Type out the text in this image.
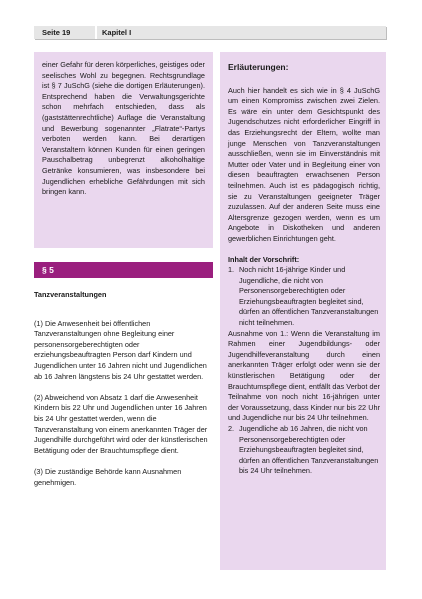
Seite 19	Kapitel I

einer Gefahr für deren körperliches, geistiges oder seelisches Wohl zu begegnen. Rechtsgrundlage ist § 7 JuSchG (siehe die dortigen Erläuterungen). Entsprechend haben die Verwaltungsgerichte schon mehrfach entschieden, dass als (gaststättenrechtliche) Auflage die Veranstaltung und Bewerbung sogenannter „Flatrate“-Partys verboten werden kann. Bei derartigen Veranstaltern können Kunden für einen geringen Pauschalbetrag unbegrenzt alkoholhaltige Getränke konsumieren, was insbesondere bei Jugendlichen erhebliche Gefährdungen mit sich bringen kann.

§ 5

Tanzveranstaltungen

(1) Die Anwesenheit bei öffentlichen Tanzveranstaltungen ohne Begleitung einer personensorgeberechtigten oder erziehungsbeauftragten Person darf Kindern und Jugendlichen unter 16 Jahren nicht und Jugendlichen ab 16 Jahren längstens bis 24 Uhr gestattet werden.

(2) Abweichend von Absatz 1 darf die Anwesenheit Kindern bis 22 Uhr und Jugendlichen unter 16 Jahren bis 24 Uhr gestattet werden, wenn die Tanzveranstaltung von einem anerkannten Träger der Jugendhilfe durchgeführt wird oder der künstlerischen Betätigung oder der Brauchtumspflege dient.

(3) Die zuständige Behörde kann Ausnahmen genehmigen.

Erläuterungen:

Auch hier handelt es sich wie in § 4 JuSchG um einen Kompromiss zwischen zwei Zielen. Es wäre ein unter dem Gesichtspunkt des Jugendschutzes nicht erforderlicher Eingriff in das Erziehungsrecht der Eltern, wollte man junge Menschen von Tanzveranstaltungen ausschließen, wenn sie im Einverständnis mit Mutter oder Vater und in Begleitung einer von diesen beauftragten erwachsenen Person teilnehmen. Auch ist es pädagogisch richtig, sie zu Veranstaltungen geeigneter Träger zuzulassen. Auf der anderen Seite muss eine Altersgrenze gezogen werden, wenn es um Angebote in Diskotheken und anderen gewerblichen Einrichtungen geht.

Inhalt der Vorschrift:

1. Noch nicht 16-jährige Kinder und Jugendliche, die nicht von Personensorgeberechtigten oder Erziehungsbeauftragten begleitet sind, dürfen an öffentlichen Tanzveranstaltungen nicht teilnehmen.

Ausnahme von 1.: Wenn die Veranstaltung im Rahmen einer Jugendbildungs- oder Jugendhilfeveranstaltung durch einen anerkannten Träger erfolgt oder wenn sie der künstlerischen Betätigung oder der Brauchtumspflege dient, entfällt das Verbot der Teilnahme von noch nicht 16-jährigen unter der Voraussetzung, dass Kinder nur bis 22 Uhr und Jugendliche nur bis 24 Uhr teilnehmen.

2. Jugendliche ab 16 Jahren, die nicht von Personensorgeberechtigten oder Erziehungsbeauftragten begleitet sind, dürfen an öffentlichen Tanzveranstaltungen bis 24 Uhr teilnehmen.
